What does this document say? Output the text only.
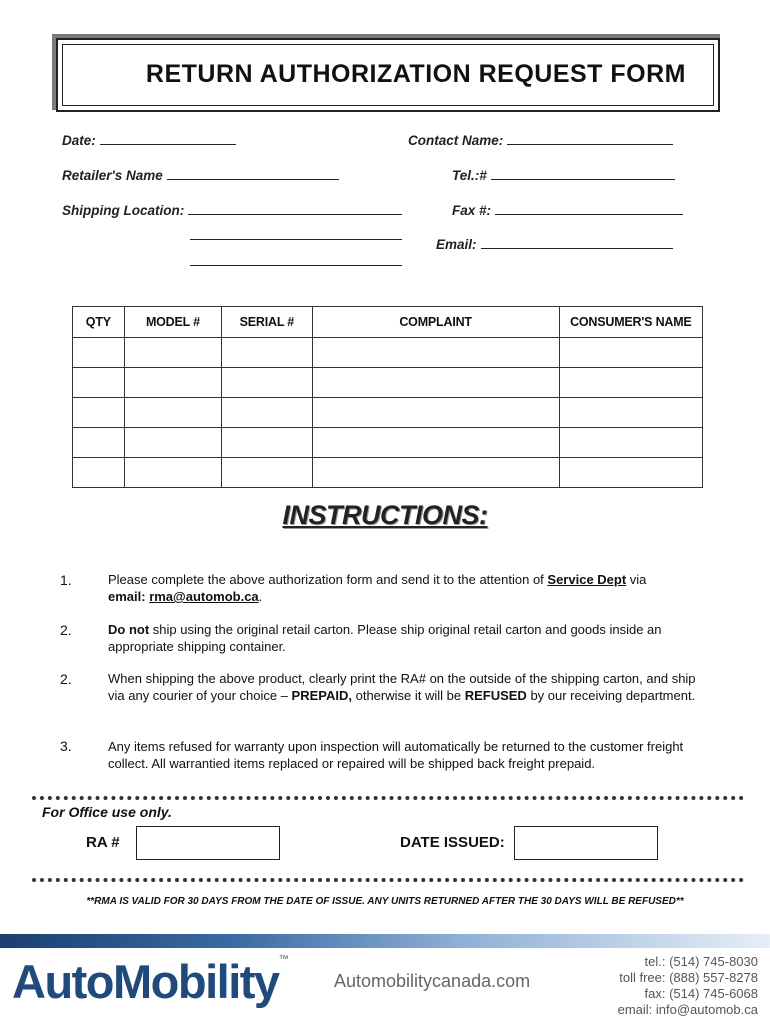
RETURN AUTHORIZATION REQUEST FORM
Date:	Contact Name:
Retailer's Name	Tel.:#
Shipping Location:	Fax #:
Email:
QTY	MODEL #	SERIAL #	COMPLAINT	CONSUMER'S NAME

INSTRUCTIONS:
1.	Please complete the above authorization form and send it to the attention of Service Dept via
email: rma@automob.ca.
2.	Do not ship using the original retail carton. Please ship original retail carton and goods inside an appropriate shipping container.
2.	When shipping the above product, clearly print the RA# on the outside of the shipping carton, and ship via any courier of your choice – PREPAID, otherwise it will be REFUSED by our receiving department.
3.	Any items refused for warranty upon inspection will automatically be returned to the customer freight collect. All warrantied items replaced or repaired will be shipped back freight prepaid.
For Office use only.
RA #	DATE ISSUED:
**RMA IS VALID FOR 30 DAYS FROM THE DATE OF ISSUE. ANY UNITS RETURNED AFTER THE 30 DAYS WILL BE REFUSED**
AutoMobility™
Automobilitycanada.com
tel.: (514) 745-8030
toll free: (888) 557-8278
fax: (514) 745-6068
email: info@automob.ca
